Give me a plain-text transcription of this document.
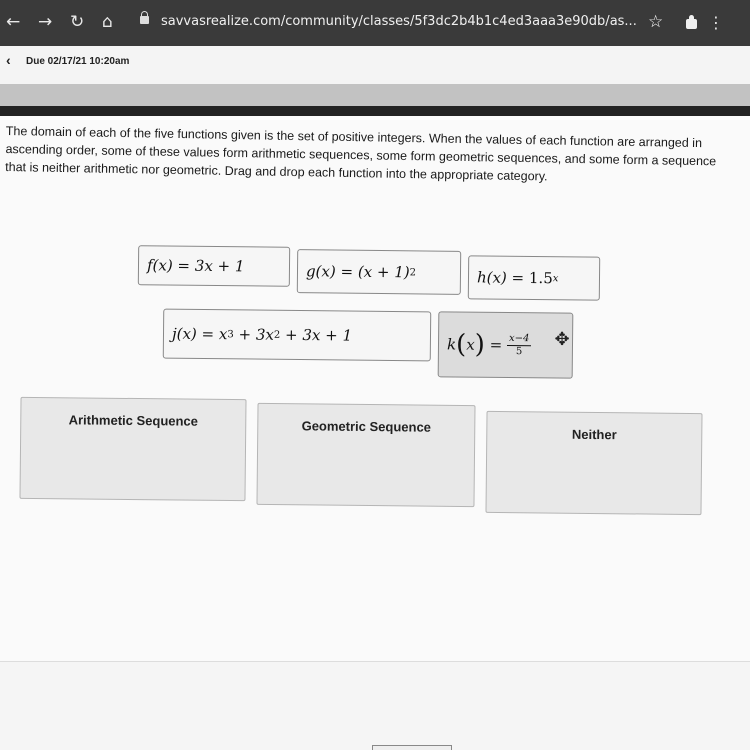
← → ↻ ⌂	savvasrealize.com/community/classes/5f3dc2b4b1c4ed3aaa3e90db/as... ☆	⋮
‹ Due 02/17/21 10:20am

The domain of each of the five functions given is the set of positive integers. When the values of each function are arranged in ascending order, some of these values form arithmetic sequences, some form geometric sequences, and some form a sequence that is neither arithmetic nor geometric. Drag and drop each function into the appropriate category.

f(x) = 3x + 1	g(x) = (x + 1) 2	h(x) = 1.5 x
j(x) = x 3
+ 3x 2
+ 3x + 1	k ( x ) = $\frac{x-4}{5}$ ✥
Arithmetic Sequence	Geometric Sequence	Neither
